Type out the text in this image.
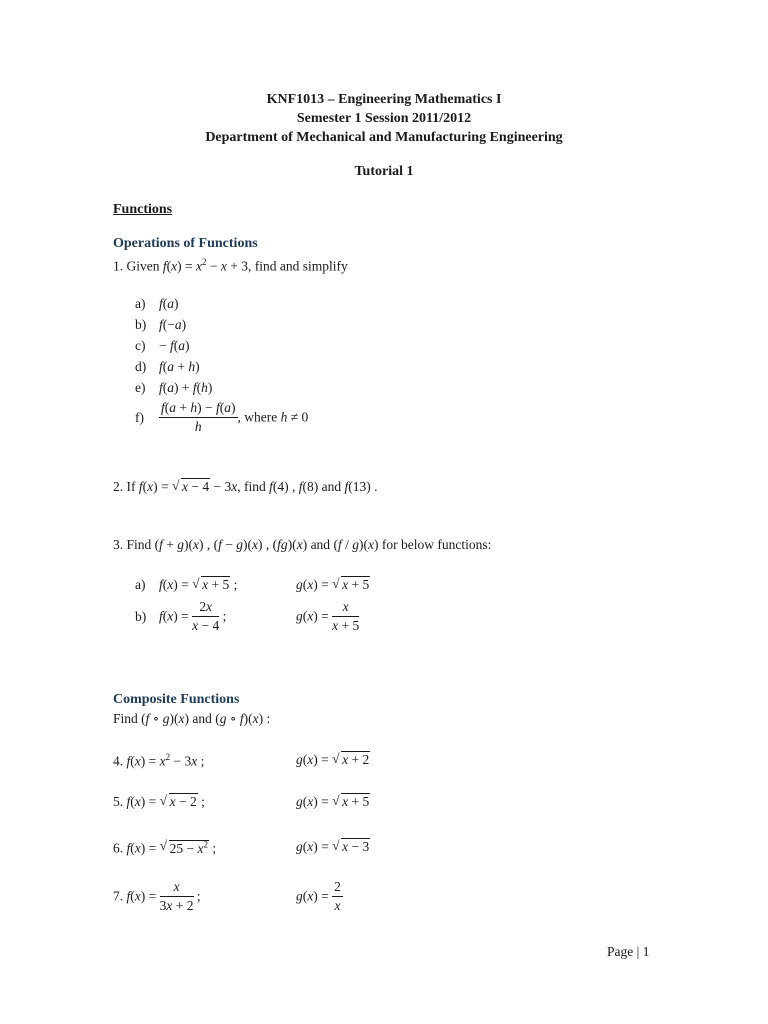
KNF1013 – Engineering Mathematics I
Semester 1 Session 2011/2012
Department of Mechanical and Manufacturing Engineering
Tutorial 1
Functions
Operations of Functions
1. Given $f(x) = x^2 - x + 3$, find and simplify
a) f(a)
b) f(−a)
c) − f(a)
d) f(a + h)
e) f(a) + f(h)
$f) \frac{f(a + h) - f(a)}{h}$ , where h ≠ 0
2. If f(x) = √ x − 4 − 3x, find f(4) , f(8) and f(13) .
3. Find (f + g)(x) , (f − g)(x) , (fg)(x) and (f / g)(x) for below functions:
a) f(x) = √ x + 5 ;	g(x) = √ x + 5
b) $f(x) = \frac{2x}{x - 4}$ ;	$g(x) = \frac{x}{x + 5}$
Composite Functions
Find (f ∘ g)(x) and (g ∘ f)(x) :
4. $f(x) = x^2 - 3x$ ;	g(x) = √ x + 2
5. f(x) = √ x − 2 ;	g(x) = √ x + 5
6. f(x) = √ $25 - x^2$ ;	g(x) = √ x − 3
7. $f(x) = \frac{x}{3x + 2}$ ;	$g(x) = \frac{2}{x}$
Page | 1
